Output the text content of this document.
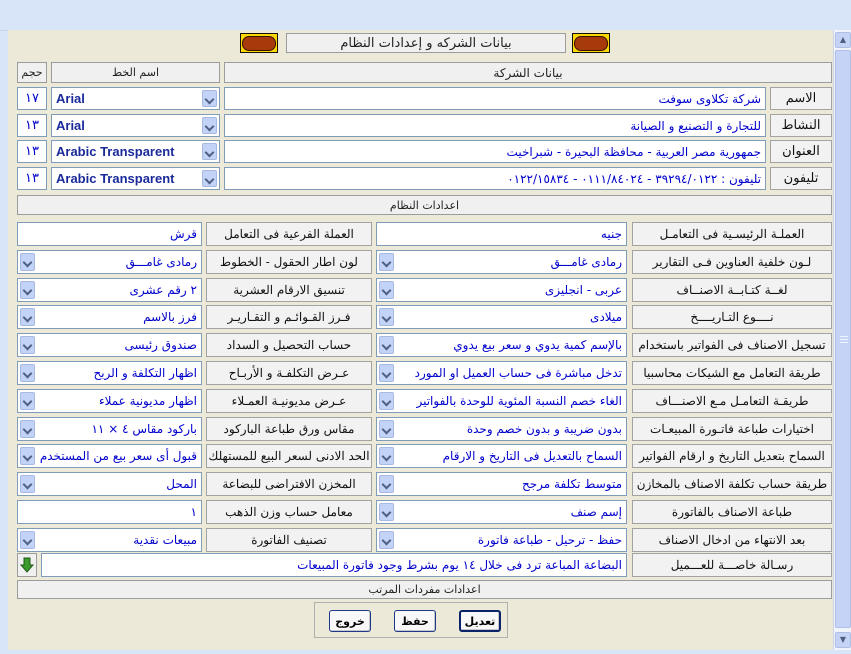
▲
▼
بيانات الشركه و إعدادات النظام
بيانات الشركة
اسم الخط
حجم
الاسم
شركة تكلاوى سوفت
Arial
١٧
النشاط
للتجارة و التصنيع و الصيانة
Arial
١٣
العنوان
جمهورية مصر العربية - محافظة البحيرة - شبراخيت
Arabic Transparent
١٣
تليفون
تليفون : ٣٩٢٩٤/٠١٢٢ - ٠١١١/٨٤٠٢٤ - ٠١٢٢/١٥٨٣٤
Arabic Transparent
١٣
اعدادات النظام
العملـة الرئيسـية فى التعامـل
جنيه
لـون خلفية العناوين فـى التقارير
رمادى غامـــق
لغــة كتـابــة الاصنــاف
عربى - انجليزى
نــــوع التـاريــــخ
ميلادى
تسجيل الاصناف فى الفواتير باستخدام
بالإسم كمية يدوي و سعر بيع يدوي
طريقة التعامل مع الشيكات محاسبيا
تدخل مباشرة فى حساب العميل او المورد
طريقـة التعامـل مـع الاصنـــاف
الغاء خصم النسبة المئوية للوحدة بالفواتير
اختيارات طباعة فاتـورة المبيعـات
بدون ضريبة و بدون خصم وحدة
السماح بتعديل التاريخ و ارقام الفواتير
السماح بالتعديل فى التاريخ و الارقام
طريقة حساب تكلفة الاصناف بالمخازن
متوسط تكلفة مرجح
طباعة الاصناف بالفاتورة
إسم صنف
بعد الانتهاء من ادخال الاصناف
حفظ - ترحيل - طباعة فاتورة
العملة الفرعية فى التعامل
قرش
لون اطار الحقول - الخطوط
رمادى غامـــق
تنسيق الارقام العشرية
٢ رقم عشرى
فـرز القـوائـم و التقـاريـر
فرز بالاسم
حساب التحصيل و السداد
صندوق رئيسى
عـرض التكلفـة و الأربـاح
اظهار التكلفة و الربح
عـرض مديونيـة العمـلاء
اظهار مديونية عملاء
مقاس ورق طباعة الباركود
باركود مقاس ٤ × ١١
الحد الادنى لسعر البيع للمستهلك
قبول أى سعر بيع من المستخدم
المخزن الافتراضى للبضاعة
المحل
معامل حساب وزن الذهب
١
تصنيف الفاتورة
مبيعات نقدية
رسـالة خاصـــة للعـــميل
البضاعة المباعة ترد فى خلال ١٤ يوم بشرط وجود فاتورة المبيعات
اعدادات مفردات المرتب
تعديل
حفظ
خروج
